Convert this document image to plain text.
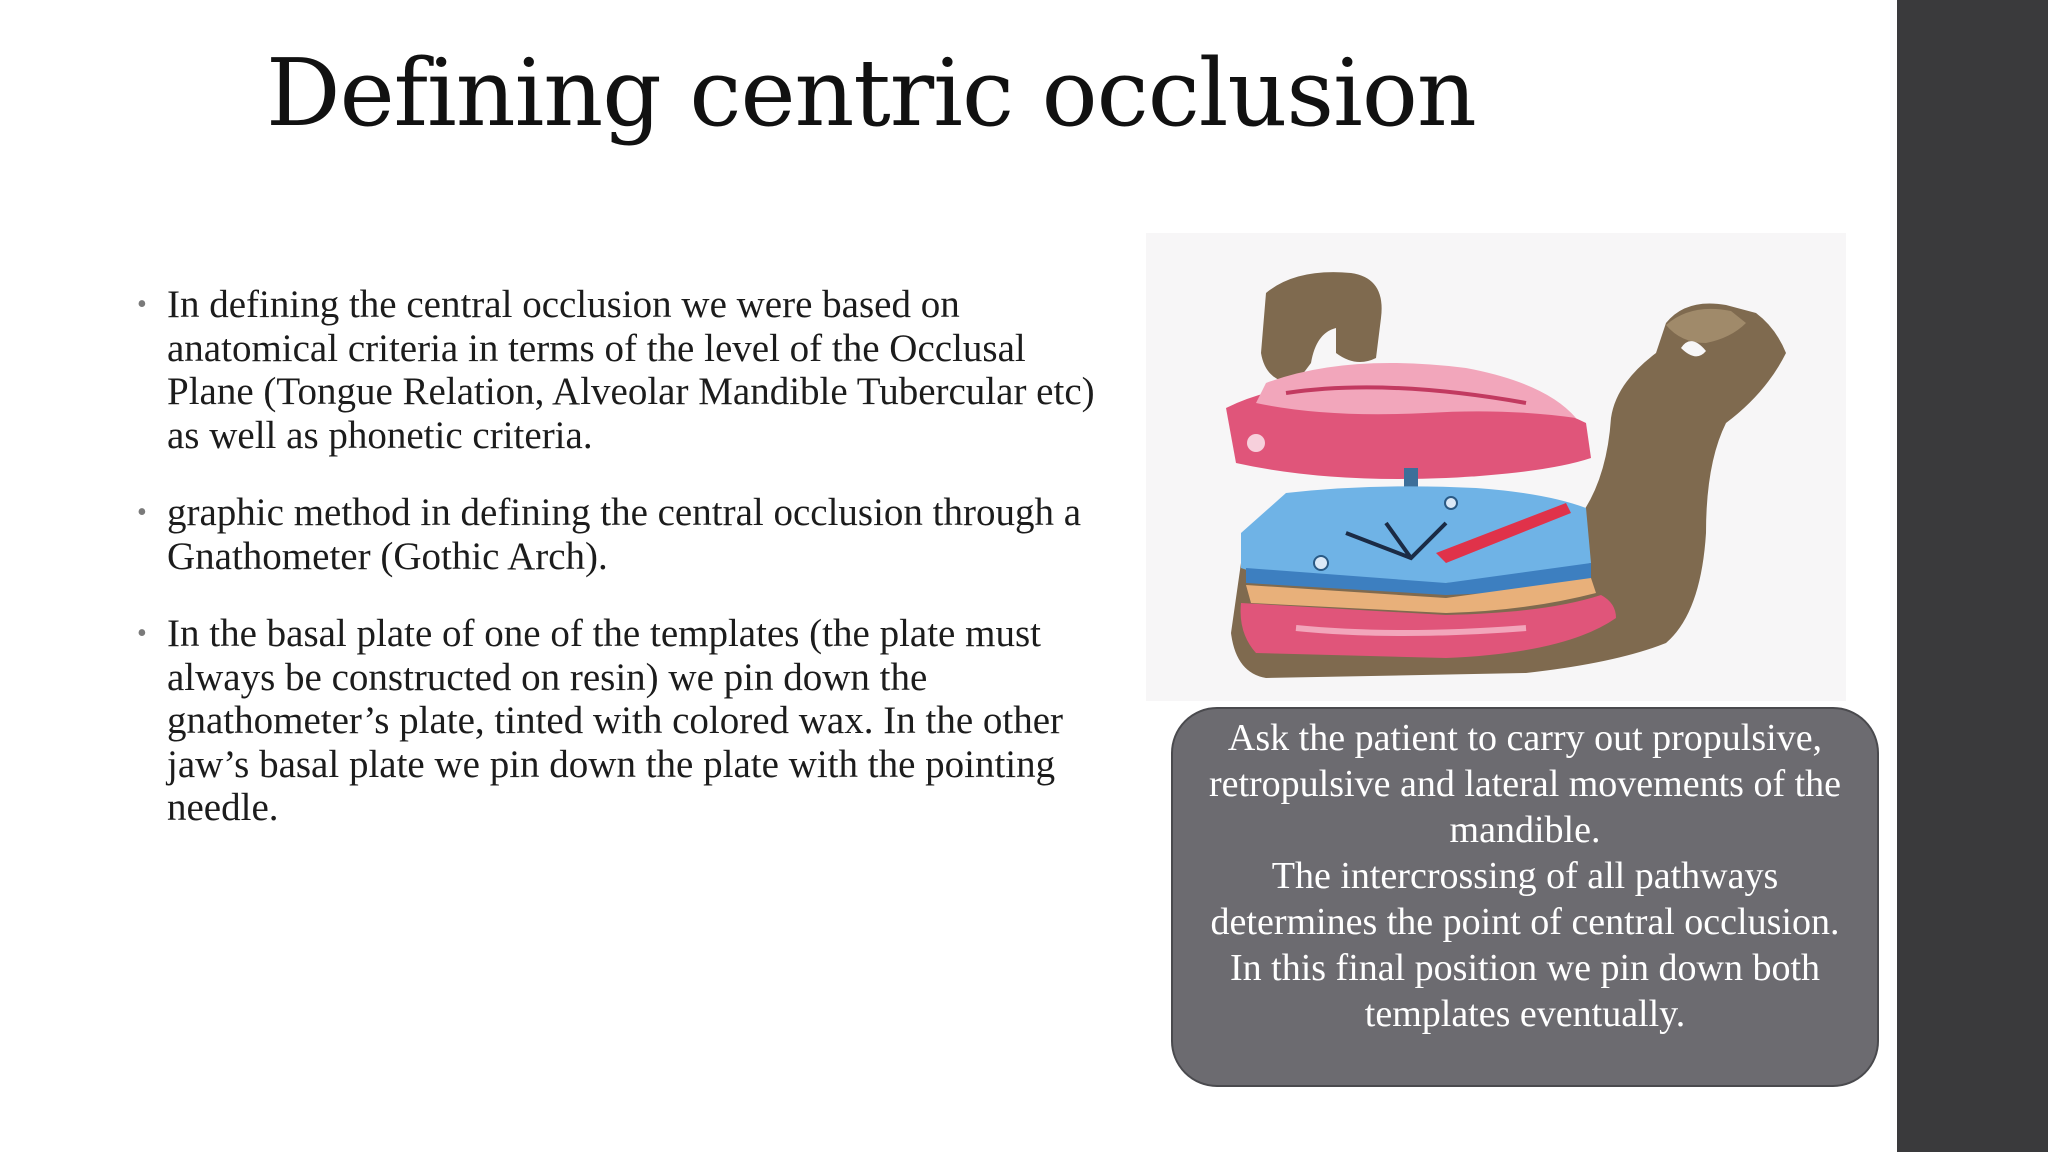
Defining centric occlusion
• In defining the central occlusion we were based on anatomical criteria in terms of the level of the Occlusal Plane (Tongue Relation, Alveolar Mandible Tubercular etc) as well as phonetic criteria.
• graphic method in defining the central occlusion through a Gnathometer (Gothic Arch).
• In the basal plate of one of the templates (the plate must always be constructed on resin) we pin down the gnathometer’s plate, tinted with colored wax. In the other jaw’s basal plate we pin down the plate with the pointing needle.
Ask the patient to carry out propulsive, retropulsive and lateral movements of the mandible.
The intercrossing of all pathways determines the point of central occlusion.
In this final position we pin down both templates eventually.
